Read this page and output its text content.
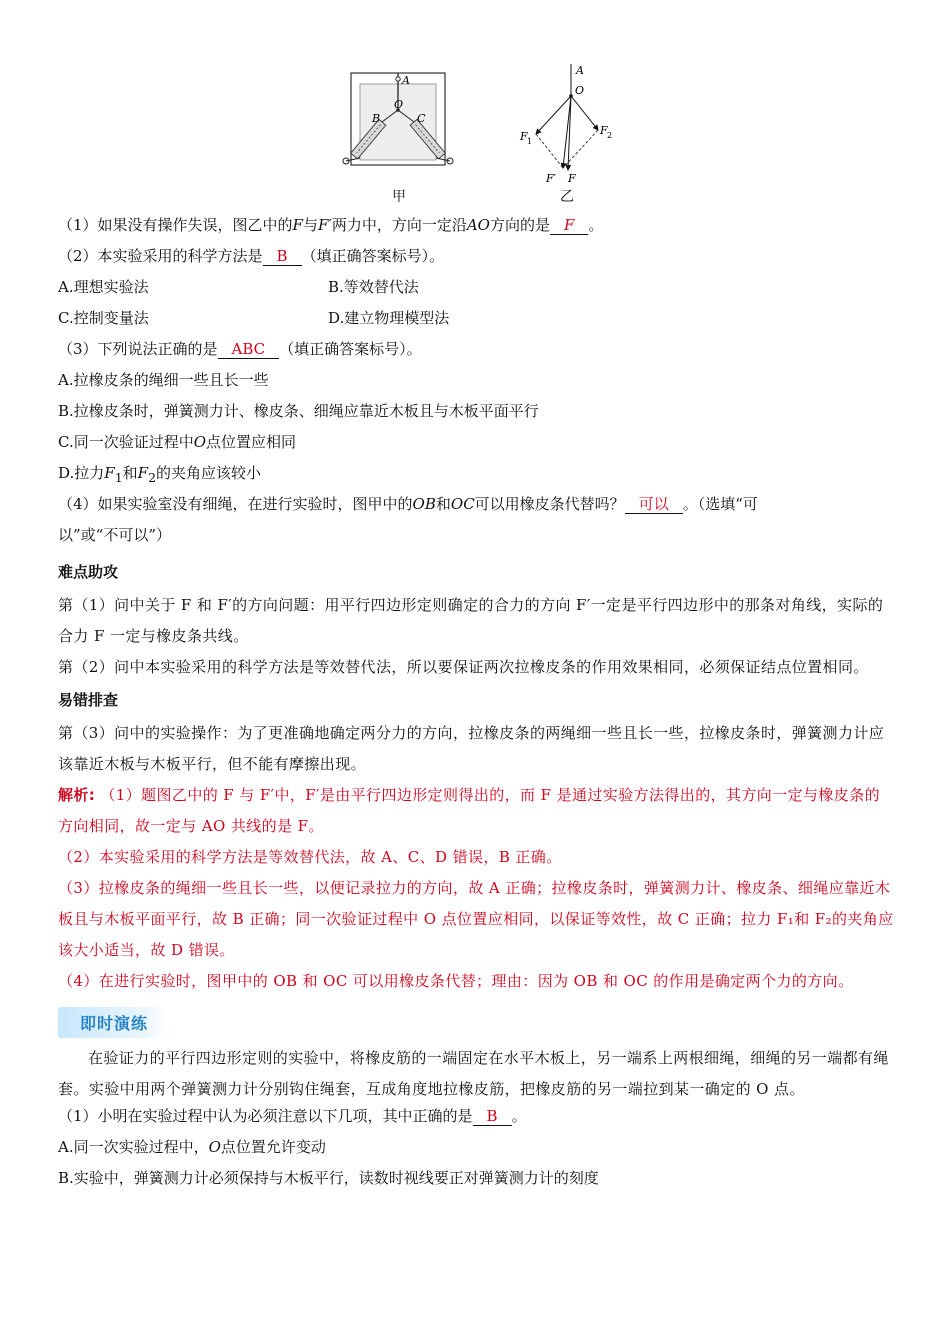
A
O
B	C
甲
A
O
F 1
F 2
F′ F
乙
（1）如果没有操作失误，图乙中的F与F′两力中，方向一定沿AO方向的是 F 。
（2）本实验采用的科学方法是 B （填正确答案标号）。
A.理想实验法	B.等效替代法
C.控制变量法	D.建立物理模型法
（3）下列说法正确的是 ABC （填正确答案标号）。
A.拉橡皮条的绳细一些且长一些
B.拉橡皮条时，弹簧测力计、橡皮条、细绳应靠近木板且与木板平面平行
C.同一次验证过程中O点位置应相同
D.拉力$F_1$和$F_2$的夹角应该较小
（4）如果实验室没有细绳，在进行实验时，图甲中的OB和OC可以用橡皮条代替吗？ 可以 。（选填“可
以”或“不可以”）
难点助攻
第（1）问中关于 F 和 F′的方向问题：用平行四边形定则确定的合力的方向 F′一定是平行四边形中的那条对角线，实际的合力 F 一定与橡皮条共线。
第（2）问中本实验采用的科学方法是等效替代法，所以要保证两次拉橡皮条的作用效果相同，必须保证结点位置相同。
易错排查
第（3）问中的实验操作：为了更准确地确定两分力的方向，拉橡皮条的两绳细一些且长一些，拉橡皮条时，弹簧测力计应该靠近木板与木板平行，但不能有摩擦出现。
解析: （1）题图乙中的 F 与 F′中，F′是由平行四边形定则得出的，而 F 是通过实验方法得出的，其方向一定与橡皮条的方向相同，故一定与 AO 共线的是 F。
（2）本实验采用的科学方法是等效替代法，故 A、C、D 错误，B 正确。
（3）拉橡皮条的绳细一些且长一些，以便记录拉力的方向，故 A 正确；拉橡皮条时，弹簧测力计、橡皮条、细绳应靠近木板且与木板平面平行，故 B 正确；同一次验证过程中 O 点位置应相同，以保证等效性，故 C 正确；拉力 F₁和 F₂的夹角应该大小适当，故 D 错误。
（4）在进行实验时，图甲中的 OB 和 OC 可以用橡皮条代替；理由：因为 OB 和 OC 的作用是确定两个力的方向。
即时演练
在验证力的平行四边形定则的实验中，将橡皮筋的一端固定在水平木板上，另一端系上两根细绳，细绳的另一端都有绳套。实验中用两个弹簧测力计分别钩住绳套，互成角度地拉橡皮筋，把橡皮筋的另一端拉到某一确定的 O 点。
（1）小明在实验过程中认为必须注意以下几项，其中正确的是 B 。
A.同一次实验过程中，O点位置允许变动
B.实验中，弹簧测力计必须保持与木板平行，读数时视线要正对弹簧测力计的刻度
